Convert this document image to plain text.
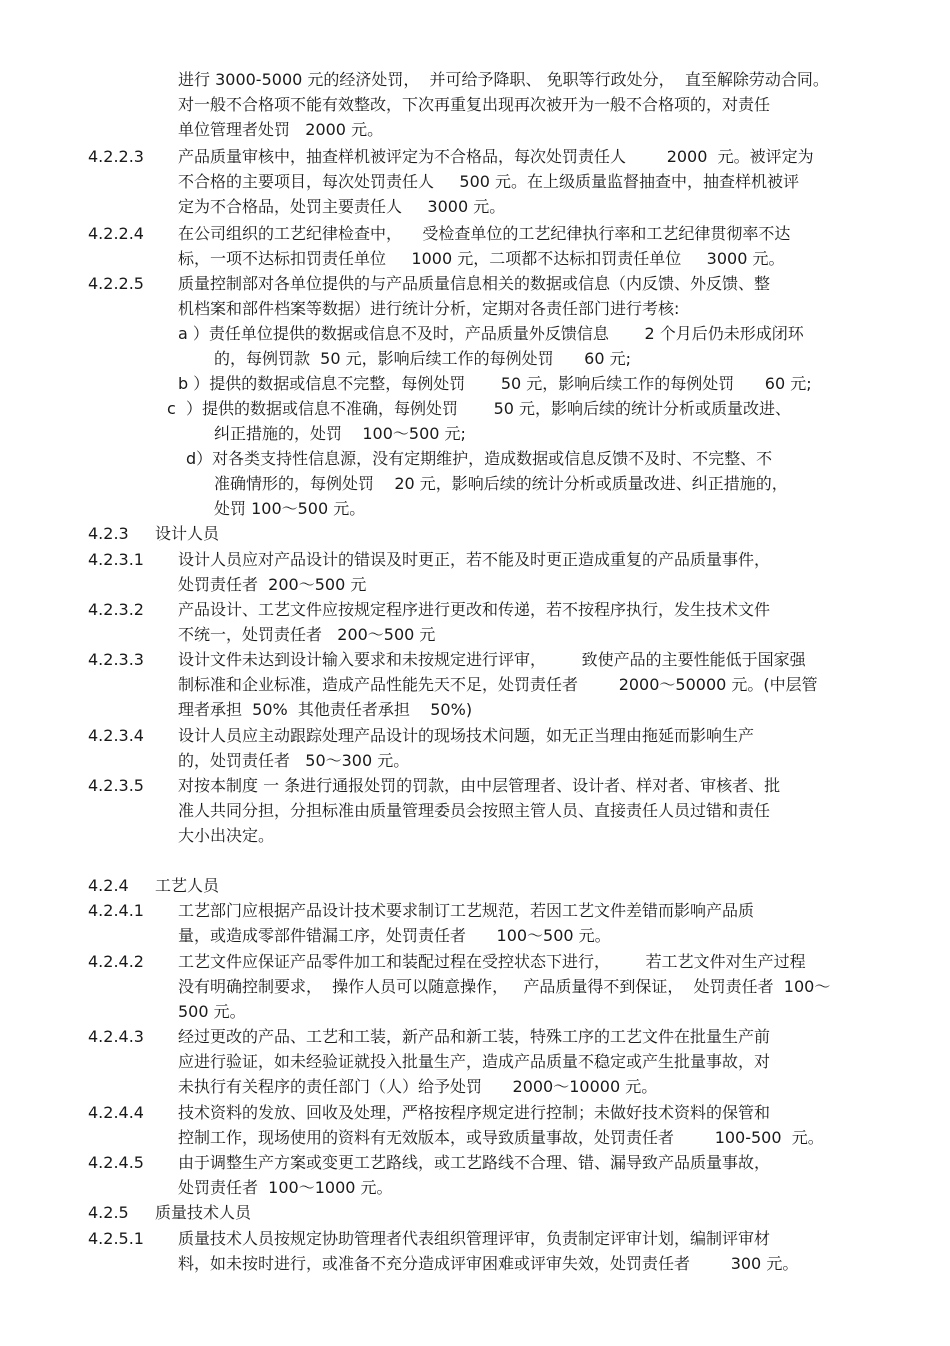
进行 3000-5000 元的经济处罚，  并可给予降职、 免职等行政处分，  直至解除劳动合同。
对一般不合格项不能有效整改，下次再重复出现再次被开为一般不合格项的，对责任
单位管理者处罚   2000 元。
4.2.2.3 产品质量审核中，抽查样机被评定为不合格品，每次处罚责任人        2000  元。被评定为
不合格的主要项目，每次处罚责任人     500 元。在上级质量监督抽查中，抽查样机被评
定为不合格品，处罚主要责任人     3000 元。
4.2.2.4 在公司组织的工艺纪律检查中，    受检查单位的工艺纪律执行率和工艺纪律贯彻率不达
标，一项不达标扣罚责任单位     1000 元，二项都不达标扣罚责任单位     3000 元。
4.2.2.5 质量控制部对各单位提供的与产品质量信息相关的数据或信息（内反馈、外反馈、整
机档案和部件档案等数据）进行统计分析，定期对各责任部门进行考核:
a ）责任单位提供的数据或信息不及时，产品质量外反馈信息       2 个月后仍未形成闭环
的，每例罚款  50 元，影响后续工作的每例处罚      60 元;
b ）提供的数据或信息不完整，每例处罚       50 元，影响后续工作的每例处罚      60 元;
c  ）提供的数据或信息不准确，每例处罚       50 元，影响后续的统计分析或质量改进、
纠正措施的，处罚    100～500 元;
d）对各类支持性信息源，没有定期维护，造成数据或信息反馈不及时、不完整、不
准确情形的，每例处罚    20 元，影响后续的统计分析或质量改进、纠正措施的，
处罚 100～500 元。
4.2.3 设计人员
4.2.3.1 设计人员应对产品设计的错误及时更正，若不能及时更正造成重复的产品质量事件，
处罚责任者  200～500 元
4.2.3.2 产品设计、工艺文件应按规定程序进行更改和传递，若不按程序执行，发生技术文件
不统一，处罚责任者   200～500 元
4.2.3.3 设计文件未达到设计输入要求和未按规定进行评审，       致使产品的主要性能低于国家强
制标准和企业标准，造成产品性能先天不足，处罚责任者        2000～50000 元。(中层管
理者承担  50%  其他责任者承担    50%)
4.2.3.4 设计人员应主动跟踪处理产品设计的现场技术问题，如无正当理由拖延而影响生产
的，处罚责任者   50～300 元。
4.2.3.5 对按本制度 一 条进行通报处罚的罚款，由中层管理者、设计者、样对者、审核者、批
准人共同分担，分担标准由质量管理委员会按照主管人员、直接责任人员过错和责任
大小出决定。
4.2.4 工艺人员
4.2.4.1 工艺部门应根据产品设计技术要求制订工艺规范，若因工艺文件差错而影响产品质
量，或造成零部件错漏工序，处罚责任者      100～500 元。
4.2.4.2 工艺文件应保证产品零件加工和装配过程在受控状态下进行，       若工艺文件对生产过程
没有明确控制要求，  操作人员可以随意操作，   产品质量得不到保证，  处罚责任者  100～
500 元。
4.2.4.3 经过更改的产品、工艺和工装，新产品和新工装，特殊工序的工艺文件在批量生产前
应进行验证，如未经验证就投入批量生产，造成产品质量不稳定或产生批量事故，对
未执行有关程序的责任部门（人）给予处罚      2000～10000 元。
4.2.4.4 技术资料的发放、回收及处理，严格按程序规定进行控制；未做好技术资料的保管和
控制工作，现场使用的资料有无效版本，或导致质量事故，处罚责任者        100-500  元。
4.2.4.5 由于调整生产方案或变更工艺路线，或工艺路线不合理、错、漏导致产品质量事故，
处罚责任者  100～1000 元。
4.2.5 质量技术人员
4.2.5.1 质量技术人员按规定协助管理者代表组织管理评审，负责制定评审计划，编制评审材
料，如未按时进行，或准备不充分造成评审困难或评审失效，处罚责任者        300 元。
